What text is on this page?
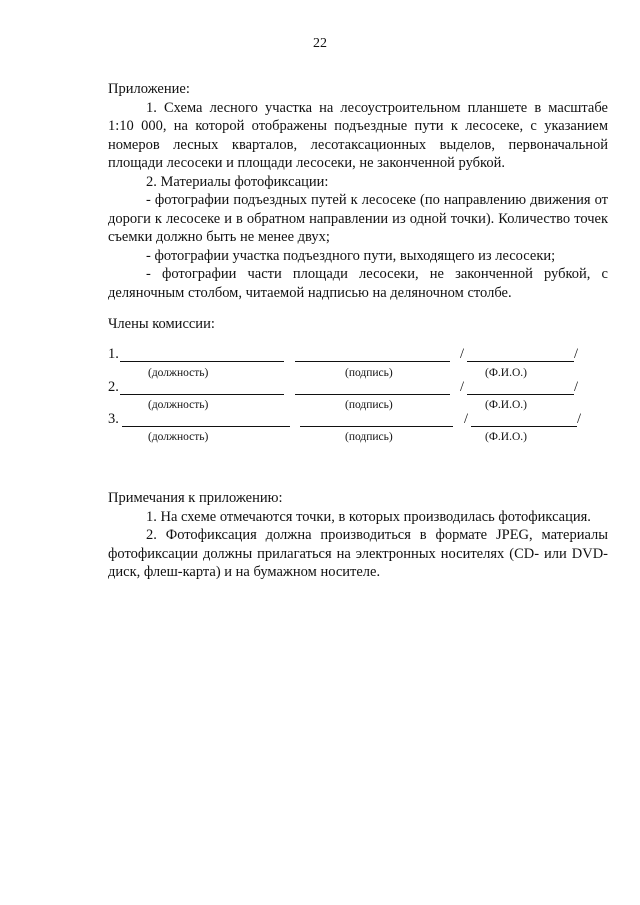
22

Приложение:

1. Схема лесного участка на лесоустроительном планшете в масштабе 1:10 000, на которой отображены подъездные пути к лесосеке, с указанием номеров лесных кварталов, лесотаксационных выделов, первоначальной площади лесосеки и площади лесосеки, не законченной рубкой.

2. Материалы фотофиксации:

- фотографии подъездных путей к лесосеке (по направлению движения от дороги к лесосеке и в обратном направлении из одной точки). Количество точек съемки должно быть не менее двух;

- фотографии участка подъездного пути, выходящего из лесосеки;

- фотографии части площади лесосеки, не законченной рубкой, с деляночным столбом, читаемой надписью на деляночном столбе.

Члены комиссии:
1.	/	/
(должность)	(подпись)	(Ф.И.О.)
2.	/	/
(должность)	(подпись)	(Ф.И.О.)
3.	/	/
(должность)	(подпись)	(Ф.И.О.)

Примечания к приложению:

1. На схеме отмечаются точки, в которых производилась фотофиксация.

2. Фотофиксация должна производиться в формате JPEG, материалы фотофиксации должны прилагаться на электронных носителях (CD- или DVD-диск, флеш-карта) и на бумажном носителе.
